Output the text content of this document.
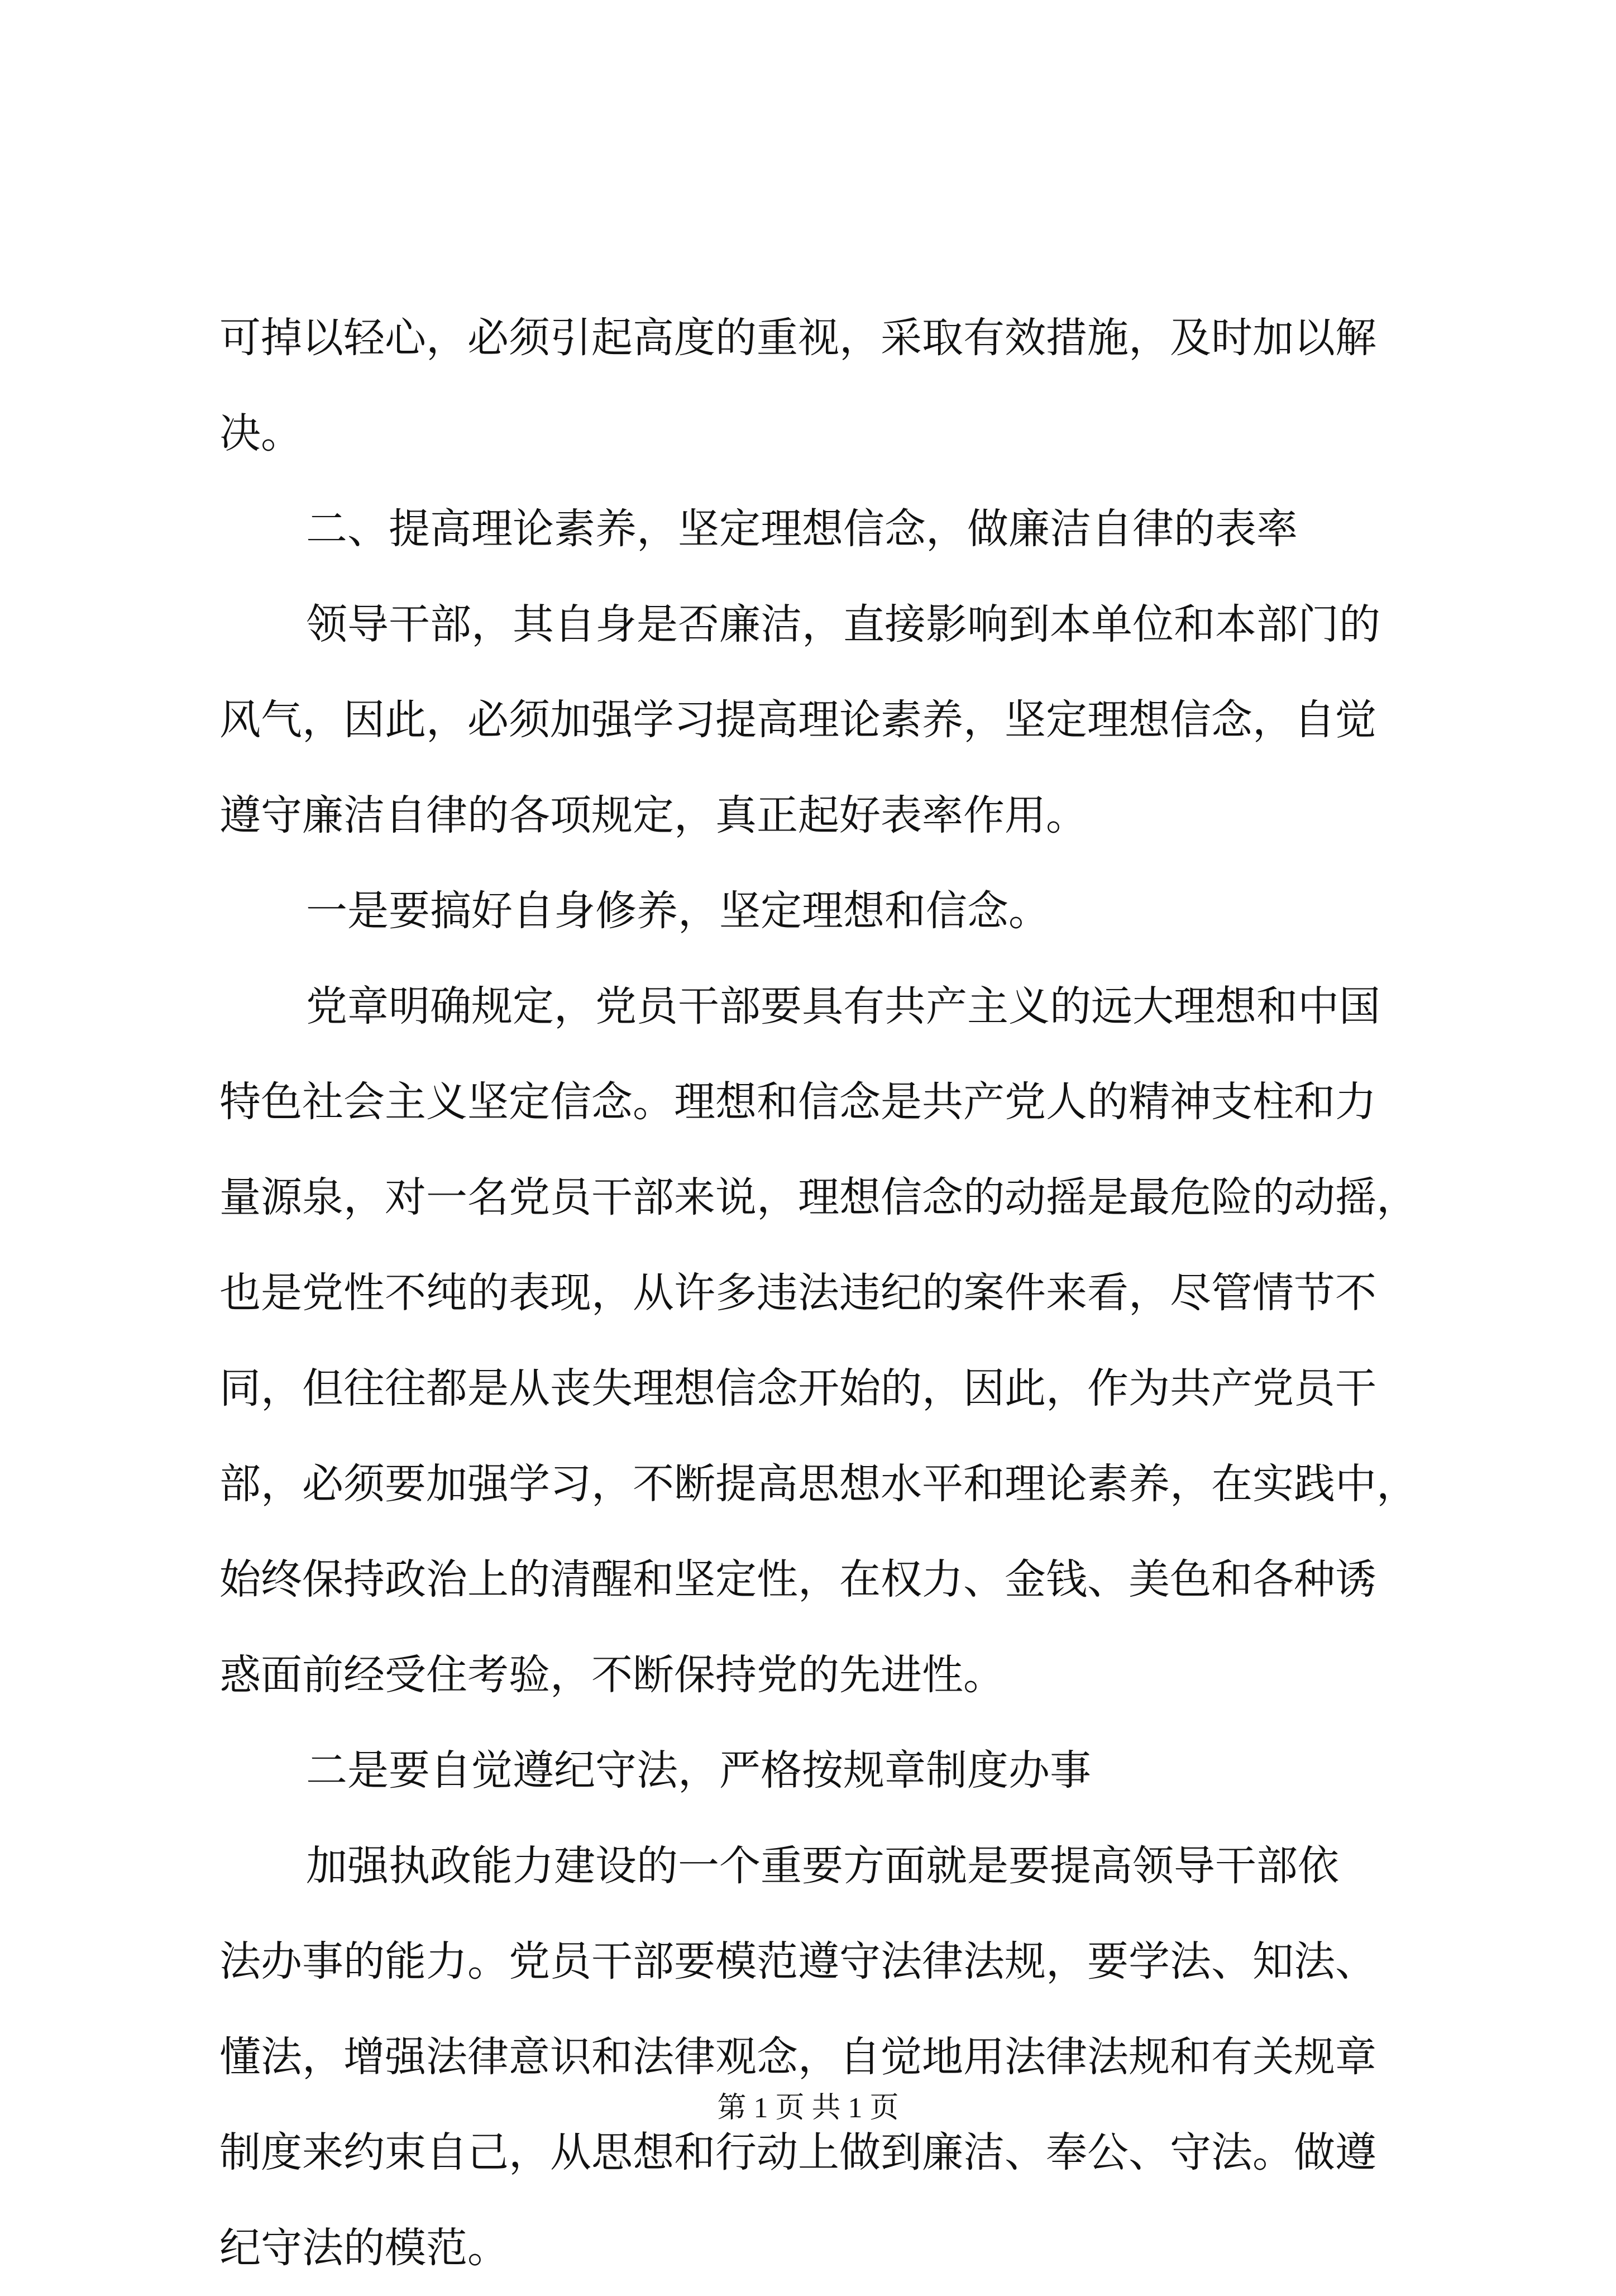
可掉以轻心，必须引起高度的重视，采取有效措施，及时加以解
决。
二、提高理论素养，坚定理想信念，做廉洁自律的表率
领导干部，其自身是否廉洁，直接影响到本单位和本部门的
风气，因此，必须加强学习提高理论素养，坚定理想信念，自觉
遵守廉洁自律的各项规定，真正起好表率作用。
一是要搞好自身修养，坚定理想和信念。
党章明确规定，党员干部要具有共产主义的远大理想和中国
特色社会主义坚定信念。理想和信念是共产党人的精神支柱和力
量源泉，对一名党员干部来说，理想信念的动摇是最危险的动摇，
也是党性不纯的表现，从许多违法违纪的案件来看，尽管情节不
同，但往往都是从丧失理想信念开始的，因此，作为共产党员干
部，必须要加强学习，不断提高思想水平和理论素养，在实践中，
始终保持政治上的清醒和坚定性，在权力、金钱、美色和各种诱
惑面前经受住考验，不断保持党的先进性。
二是要自觉遵纪守法，严格按规章制度办事
加强执政能力建设的一个重要方面就是要提高领导干部依
法办事的能力。党员干部要模范遵守法律法规，要学法、知法、
懂法，增强法律意识和法律观念，自觉地用法律法规和有关规章
制度来约束自己，从思想和行动上做到廉洁、奉公、守法。做遵
纪守法的模范。
第 1 页 共 1 页
